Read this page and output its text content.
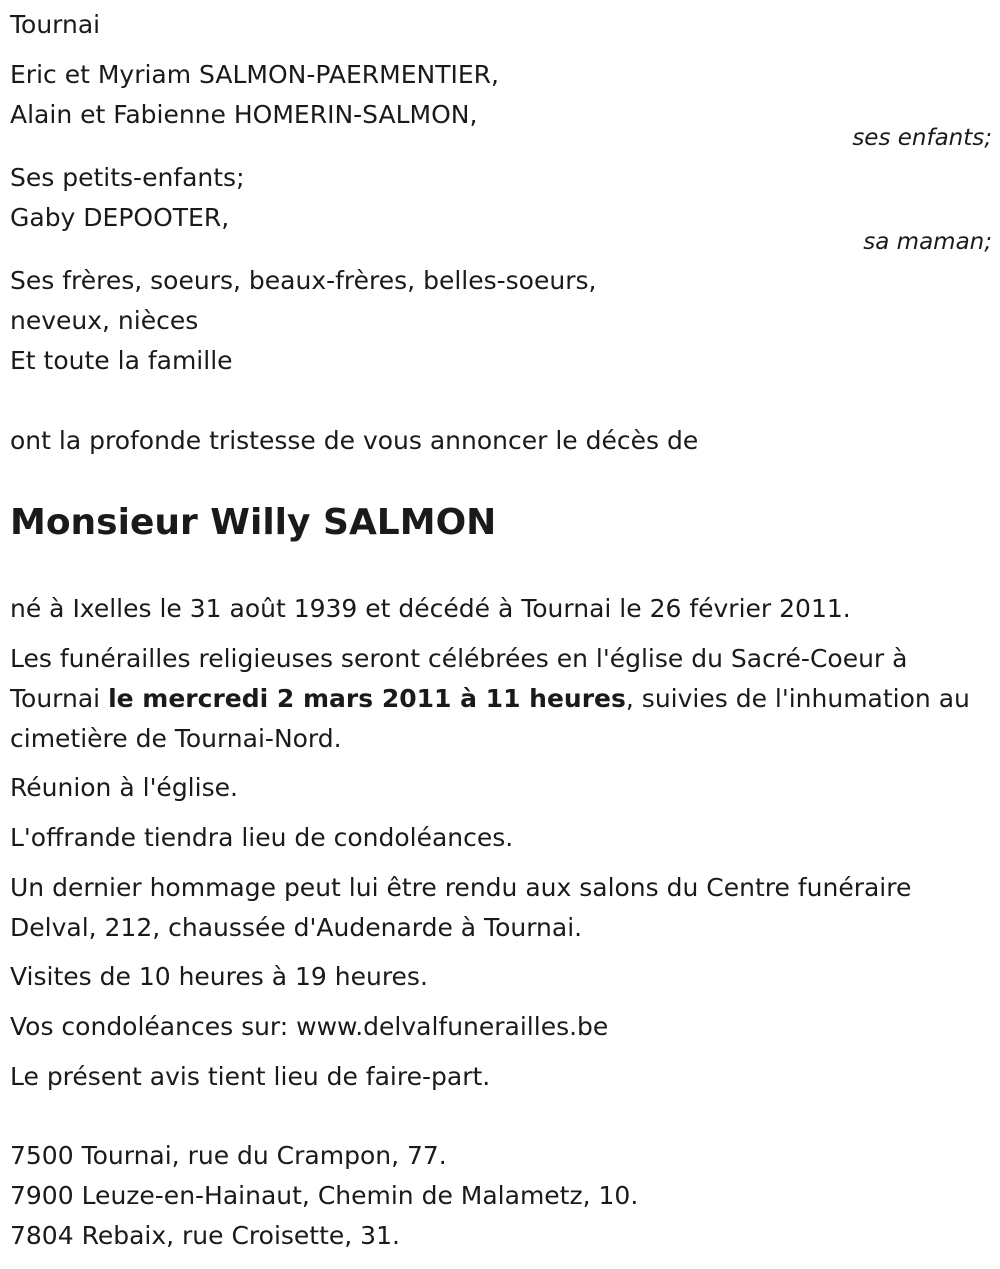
Tournai
Eric et Myriam SALMON-PAERMENTIER,
Alain et Fabienne HOMERIN-SALMON,
ses enfants;
Ses petits-enfants;
Gaby DEPOOTER,
sa maman;
Ses frères, soeurs, beaux-frères, belles-soeurs,
neveux, nièces
Et toute la famille
ont la profonde tristesse de vous annoncer le décès de
Monsieur Willy SALMON
né à Ixelles le 31 août 1939 et décédé à Tournai le 26 février 2011.
Les funérailles religieuses seront célébrées en l'église du Sacré-Coeur à
Tournai le mercredi 2 mars 2011 à 11 heures, suivies de l'inhumation au
cimetière de Tournai-Nord.
Réunion à l'église.
L'offrande tiendra lieu de condoléances.
Un dernier hommage peut lui être rendu aux salons du Centre funéraire
Delval, 212, chaussée d'Audenarde à Tournai.
Visites de 10 heures à 19 heures.
Vos condoléances sur: www.delvalfunerailles.be
Le présent avis tient lieu de faire-part.
7500 Tournai, rue du Crampon, 77.
7900 Leuze-en-Hainaut, Chemin de Malametz, 10.
7804 Rebaix, rue Croisette, 31.
